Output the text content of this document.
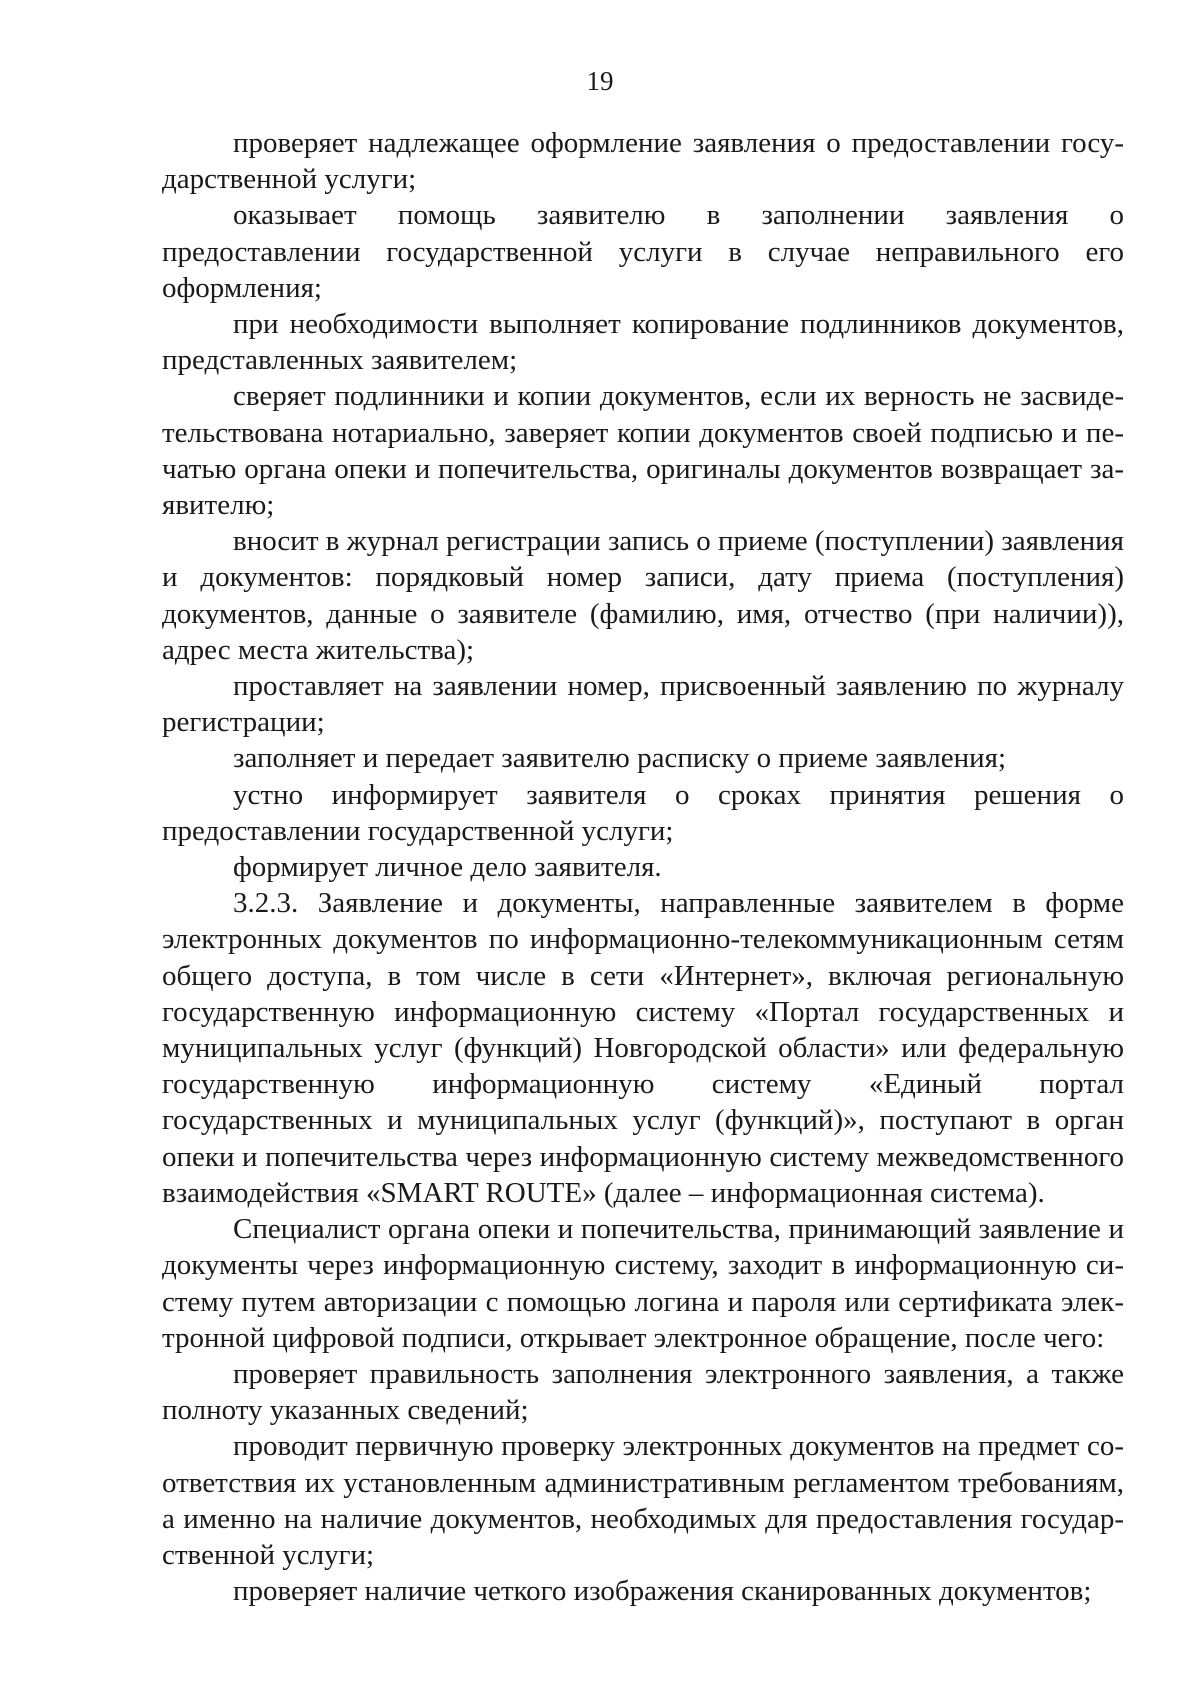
19

проверяет надлежащее оформление заявления о предоставлении государственной услуги;

оказывает помощь заявителю в заполнении заявления о предоставлении государственной услуги в случае неправильного его оформления;

при необходимости выполняет копирование подлинников документов, представленных заявителем;

сверяет подлинники и копии документов, если их верность не засвидетельствована нотариально, заверяет копии документов своей подписью и печатью органа опеки и попечительства, оригиналы документов возвращает заявителю;

вносит в журнал регистрации запись о приеме (поступлении) заявления и документов: порядковый номер записи, дату приема (поступления) документов, данные о заявителе (фамилию, имя, отчество (при наличии)), адрес места жительства);

проставляет на заявлении номер, присвоенный заявлению по журналу регистрации;

заполняет и передает заявителю расписку о приеме заявления;

устно информирует заявителя о сроках принятия решения о предоставлении государственной услуги;

формирует личное дело заявителя.

3.2.3. Заявление и документы, направленные заявителем в форме электронных документов по информационно-телекоммуникационным сетям общего доступа, в том числе в сети «Интернет», включая региональную государственную информационную систему «Портал государственных и муниципальных услуг (функций) Новгородской области» или федеральную государственную информационную систему «Единый портал государственных и муниципальных услуг (функций)», поступают в орган опеки и попечительства через информационную систему межведомственного взаимодействия «SMART ROUTE» (далее – информационная система).

Специалист органа опеки и попечительства, принимающий заявление и документы через информационную систему, заходит в информационную систему путем авторизации с помощью логина и пароля или сертификата электронной цифровой подписи, открывает электронное обращение, после чего:

проверяет правильность заполнения электронного заявления, а также полноту указанных сведений;

проводит первичную проверку электронных документов на предмет соответствия их установленным административным регламентом требованиям, а именно на наличие документов, необходимых для предоставления государственной услуги;

проверяет наличие четкого изображения сканированных документов;
